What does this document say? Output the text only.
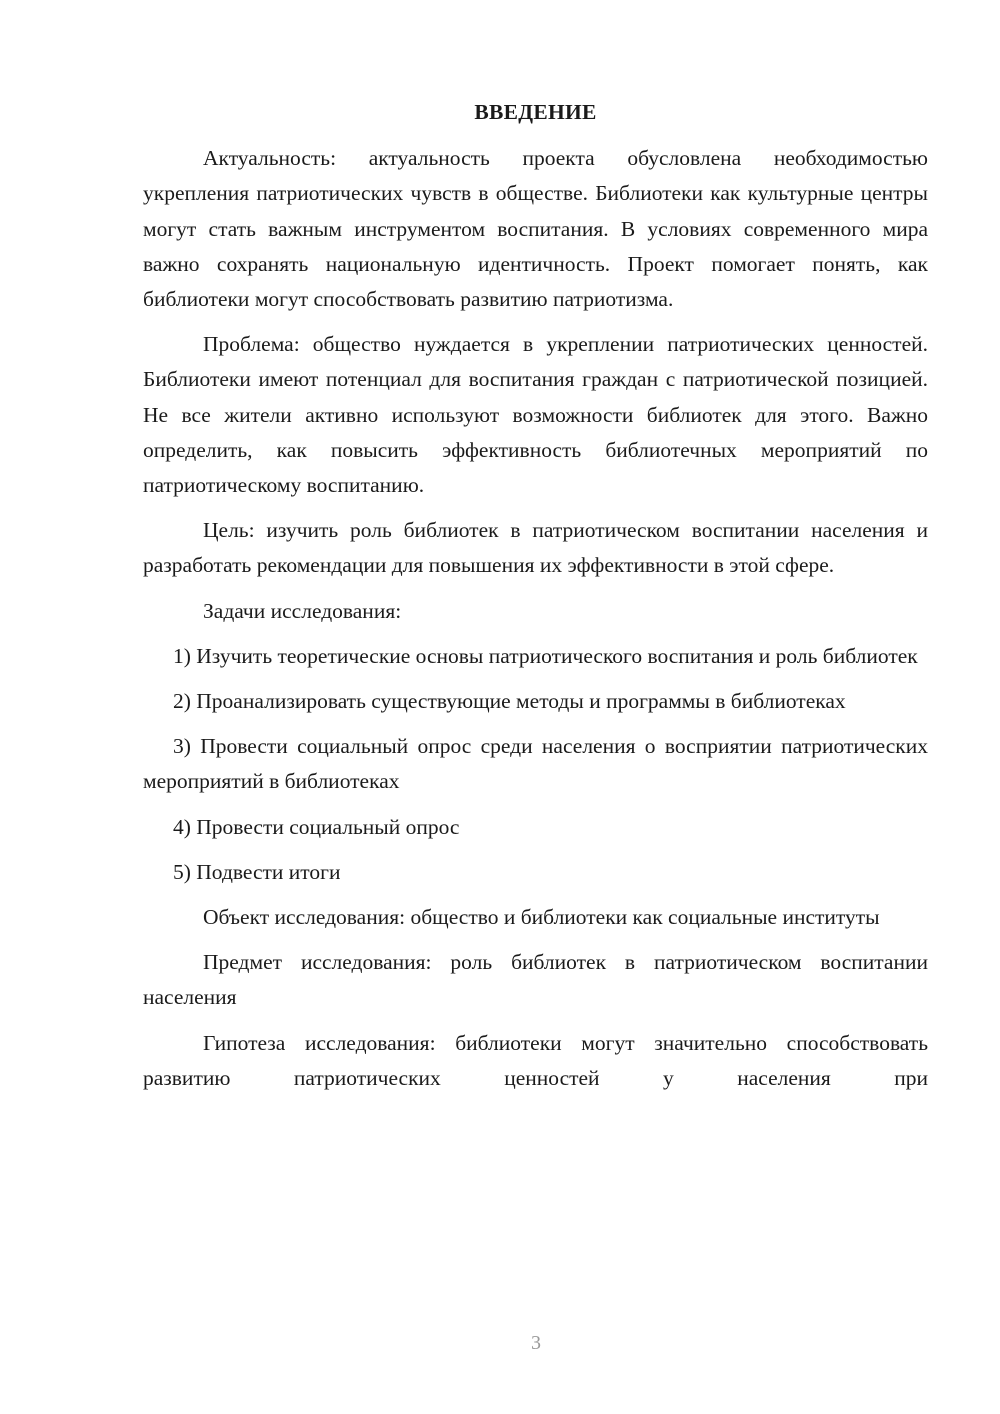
ВВЕДЕНИЕ

Актуальность: актуальность проекта обусловлена необходимостью укрепления патриотических чувств в обществе. Библиотеки как культурные центры могут стать важным инструментом воспитания. В условиях современного мира важно сохранять национальную идентичность. Проект помогает понять, как библиотеки могут способствовать развитию патриотизма.

Проблема: общество нуждается в укреплении патриотических ценностей. Библиотеки имеют потенциал для воспитания граждан с патриотической позицией. Не все жители активно используют возможности библиотек для этого. Важно определить, как повысить эффективность библиотечных мероприятий по патриотическому воспитанию.

Цель: изучить роль библиотек в патриотическом воспитании населения и разработать рекомендации для повышения их эффективности в этой сфере.

Задачи исследования:

1) Изучить теоретические основы патриотического воспитания и роль библиотек

2) Проанализировать существующие методы и программы в библиотеках

3) Провести социальный опрос среди населения о восприятии патриотических мероприятий в библиотеках

4) Провести социальный опрос

5) Подвести итоги

Объект исследования: общество и библиотеки как социальные институты

Предмет исследования: роль библиотек в патриотическом воспитании населения

Гипотеза исследования: библиотеки могут значительно способствовать развитию патриотических ценностей у населения при

3
